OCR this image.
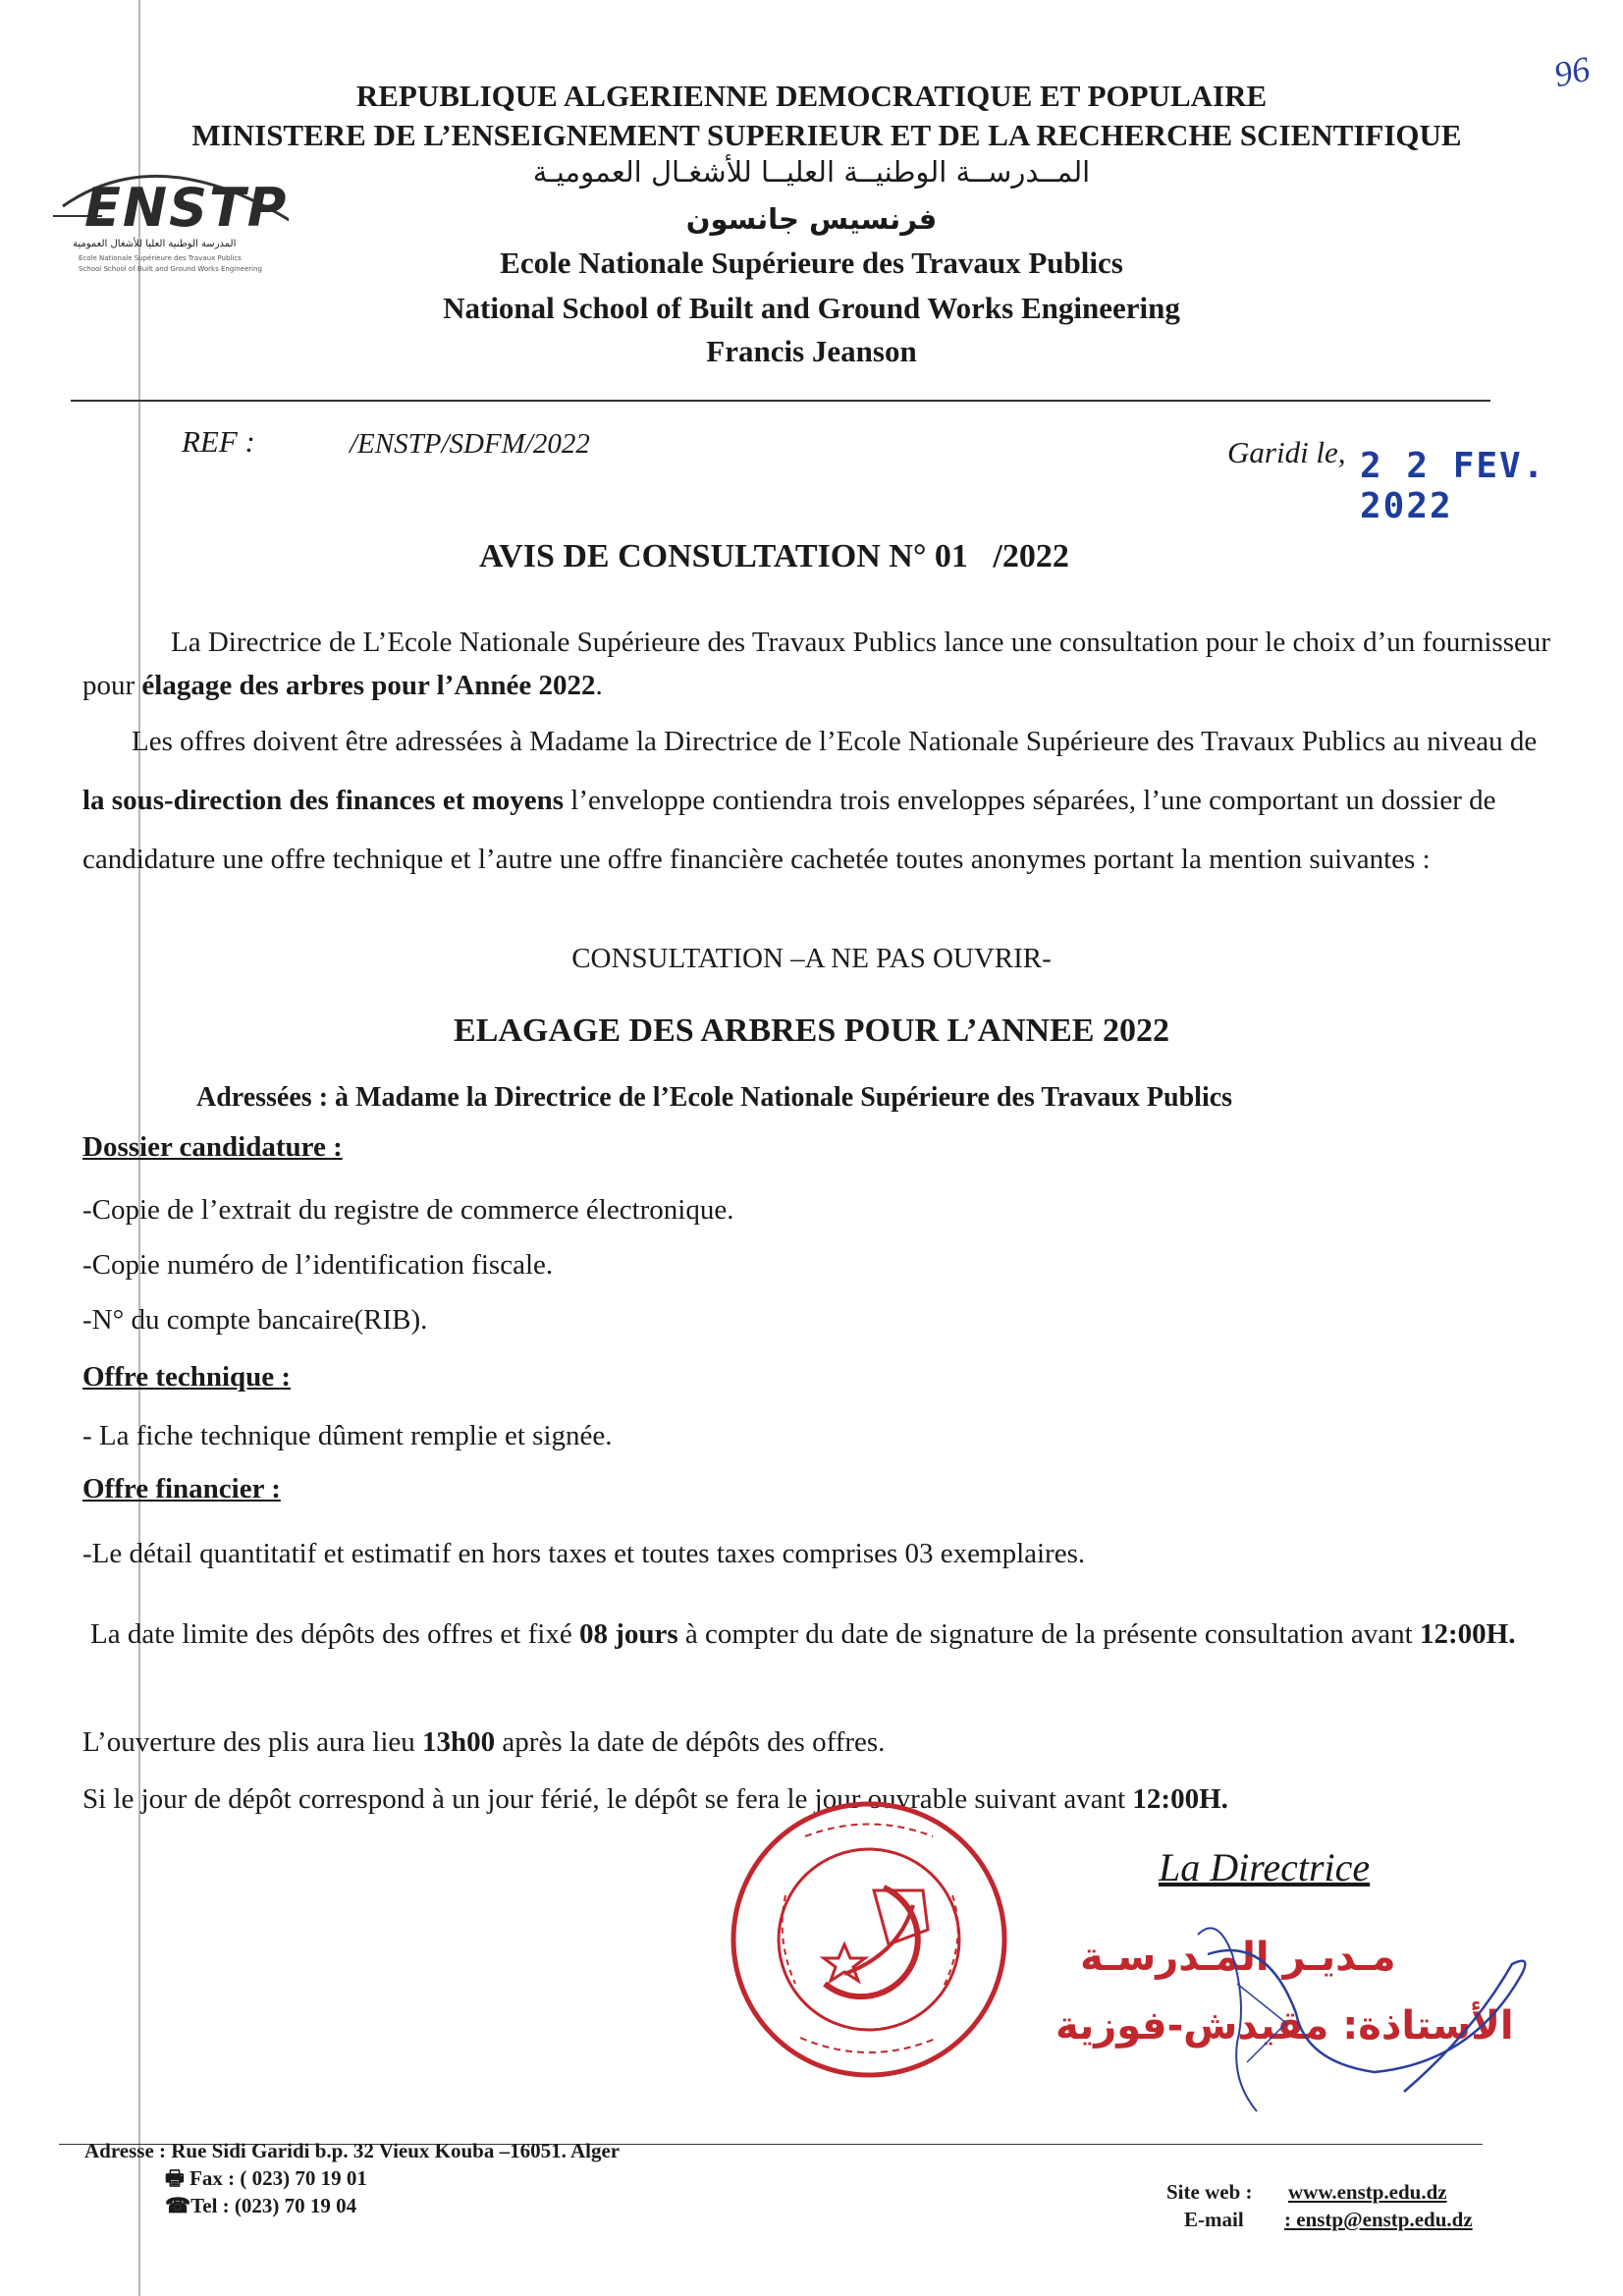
96
ENSTP
المدرسة الوطنية العليا للأشغال العمومية
Ecole Nationale Supérieure des Travaux Publics
School School of Built and Ground Works Engineering
REPUBLIQUE ALGERIENNE DEMOCRATIQUE ET POPULAIRE
MINISTERE DE L’ENSEIGNEMENT SUPERIEUR ET DE LA RECHERCHE SCIENTIFIQUE
المــدرســة الوطنيــة العليــا للأشغـال العموميـة
فرنسيس جانسون
Ecole Nationale Supérieure des Travaux Publics
National School of Built and Ground Works Engineering
Francis Jeanson
REF :	/ENSTP/SDFM/2022	Garidi le, 2 2 FEV. 2022
AVIS DE CONSULTATION N° 01   /2022
La Directrice de L’Ecole Nationale Supérieure des Travaux Publics lance une consultation pour le choix d’un fournisseur pour élagage des arbres pour l’Année 2022.
Les offres doivent être adressées à Madame la Directrice de l’Ecole Nationale Supérieure des Travaux Publics au niveau de la sous-direction des finances et moyens l’enveloppe contiendra trois enveloppes séparées, l’une comportant un dossier de candidature une offre technique et l’autre une offre financière cachetée toutes anonymes portant la mention suivantes :
CONSULTATION –A NE PAS OUVRIR-
ELAGAGE DES ARBRES POUR L’ANNEE 2022
Adressées : à Madame la Directrice de l’Ecole Nationale Supérieure des Travaux Publics
Dossier candidature :
-Copie de l’extrait du registre de commerce électronique.
-Copie numéro de l’identification fiscale.
-N° du compte bancaire(RIB).
Offre technique :
- La fiche technique dûment remplie et signée.
Offre financier :
-Le détail quantitatif et estimatif en hors taxes et toutes taxes comprises 03 exemplaires.
La date limite des dépôts des offres et fixé 08 jours à compter du date de signature de la présente consultation avant 12:00H.
L’ouverture des plis aura lieu 13h00 après la date de dépôts des offres.
Si le jour de dépôt correspond à un jour férié, le dépôt se fera le jour ouvrable suivant avant 12:00H.
La Directrice
مـديـر المـدرسـة
الأستاذة: مقيدش-فوزية
Adresse : Rue Sidi Garidi b.p. 32 Vieux Kouba –16051. Alger
🖶 Fax : ( 023) 70 19 01
☎Tel : (023) 70 19 04
Site web : www.enstp.edu.dz
E-mail : enstp@enstp.edu.dz
